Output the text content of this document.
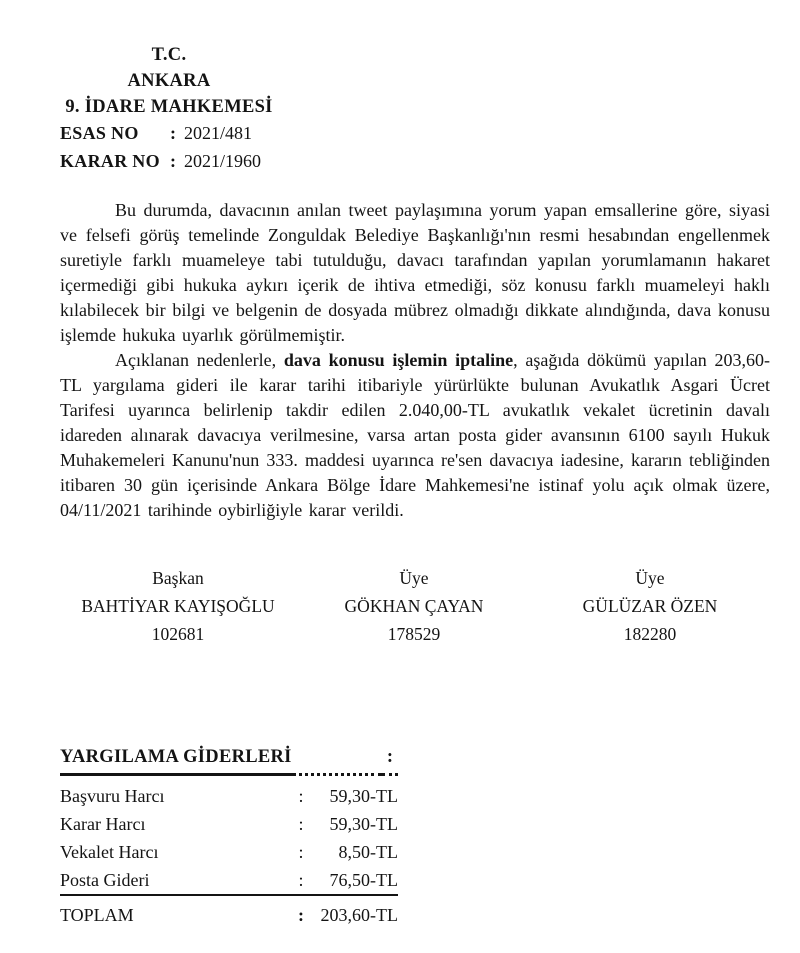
T.C.
ANKARA
9. İDARE MAHKEMESİ
ESAS NO	: 2021/481
KARAR NO : 2021/1960

Bu durumda, davacının anılan tweet paylaşımına yorum yapan emsallerine göre, siyasi ve felsefi görüş temelinde Zonguldak Belediye Başkanlığı'nın resmi hesabından engellenmek suretiyle farklı muameleye tabi tutulduğu, davacı tarafından yapılan yorumlamanın hakaret içermediği gibi hukuka aykırı içerik de ihtiva etmediği, söz konusu farklı muameleyi haklı kılabilecek bir bilgi ve belgenin de dosyada mübrez olmadığı dikkate alındığında, dava konusu işlemde hukuka uyarlık görülmemiştir.

Açıklanan nedenlerle, dava konusu işlemin iptaline, aşağıda dökümü yapılan 203,60-TL yargılama gideri ile karar tarihi itibariyle yürürlükte bulunan Avukatlık Asgari Ücret Tarifesi uyarınca belirlenip takdir edilen 2.040,00-TL avukatlık vekalet ücretinin davalı idareden alınarak davacıya verilmesine, varsa artan posta gider avansının 6100 sayılı Hukuk Muhakemeleri Kanunu'nun 333. maddesi uyarınca re'sen davacıya iadesine, kararın tebliğinden itibaren 30 gün içerisinde Ankara Bölge İdare Mahkemesi'ne istinaf yolu açık olmak üzere, 04/11/2021 tarihinde oybirliğiyle karar verildi.

Başkan
BAHTİYAR KAYIŞOĞLU
102681
Üye
GÖKHAN ÇAYAN
178529
Üye
GÜLÜZAR ÖZEN
182280
YARGILAMA GİDERLERİ	:
Başvuru Harcı	:	59,30-TL
Karar Harcı	:	59,30-TL
Vekalet Harcı	:	8,50-TL
Posta Gideri	:	76,50-TL
TOPLAM	: 203,60-TL
